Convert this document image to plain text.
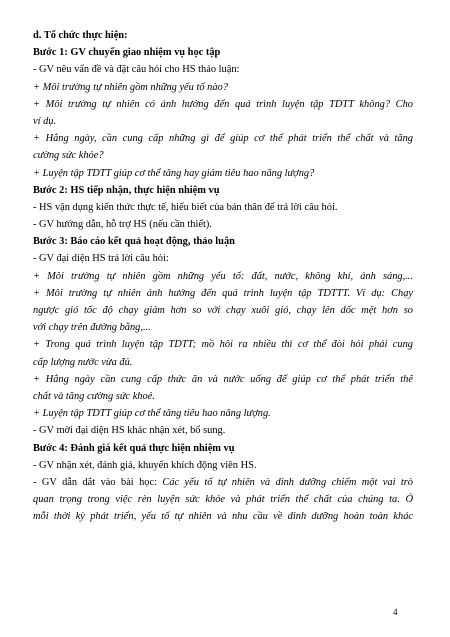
d. Tổ chức thực hiện:
Bước 1: GV chuyển giao nhiệm vụ học tập
- GV nêu vấn đề và đặt câu hỏi cho HS thảo luận:
+ Môi trường tự nhiên gồm những yếu tố nào?
+ Môi trường tự nhiên có ảnh hưởng đến quá trình luyện tập TDTT không? Cho
ví dụ.
+ Hằng ngày, cần cung cấp những gì để giúp cơ thể phát triển thể chất và tăng
cường sức khỏe?
+ Luyện tập TDTT giúp cơ thể tăng hay giảm tiêu hao năng lượng?
Bước 2: HS tiếp nhận, thực hiện nhiệm vụ
- HS vận dụng kiến thức thực tế, hiểu biết của bản thân để trả lời câu hỏi.
- GV hướng dẫn, hỗ trợ HS (nếu cần thiết).
Bước 3: Báo cáo kết quả hoạt động, thảo luận
- GV đại diện HS trả lời câu hỏi:
+ Môi trường tự nhiên gồm những yếu tố: đất, nước, không khí, ánh sáng,...
+ Môi trường tự nhiên ảnh hướng đến quá trình luyện tập TDTTT. Ví dụ: Chạy
ngược gió tốc độ chạy giảm hơn so với chạy xuôi gió, chạy lên dốc mệt hơn so
với chạy trên đường bằng,...
+ Trong quá trình luyện tập TDTT; mồ hôi ra nhiều thì cơ thể đòi hỏi phải cung
cấp lượng nước vừa đủ.
+ Hằng ngày cần cung cấp thức ăn và nước uống để giúp cơ thể phát triển thể
chất và tăng cường sức khoẻ.
+ Luyện tập TDTT giúp cơ thể tăng tiêu hao năng lượng.
- GV mời đại diện HS khác nhận xét, bổ sung.
Bước 4: Đánh giá kết quả thực hiện nhiệm vụ
- GV nhận xét, đánh giá, khuyến khích động viên HS.
- GV dẫn dắt vào bài học: Các yếu tố tự nhiên và dinh dưỡng chiếm một vai trò
quan trọng trong việc rèn luyện sức khỏe và phát triển thể chất của chúng ta. Ở
mỗi thời kỳ phát triển, yếu tố tự nhiên và nhu cầu về dinh dưỡng hoàn toàn khác
4
